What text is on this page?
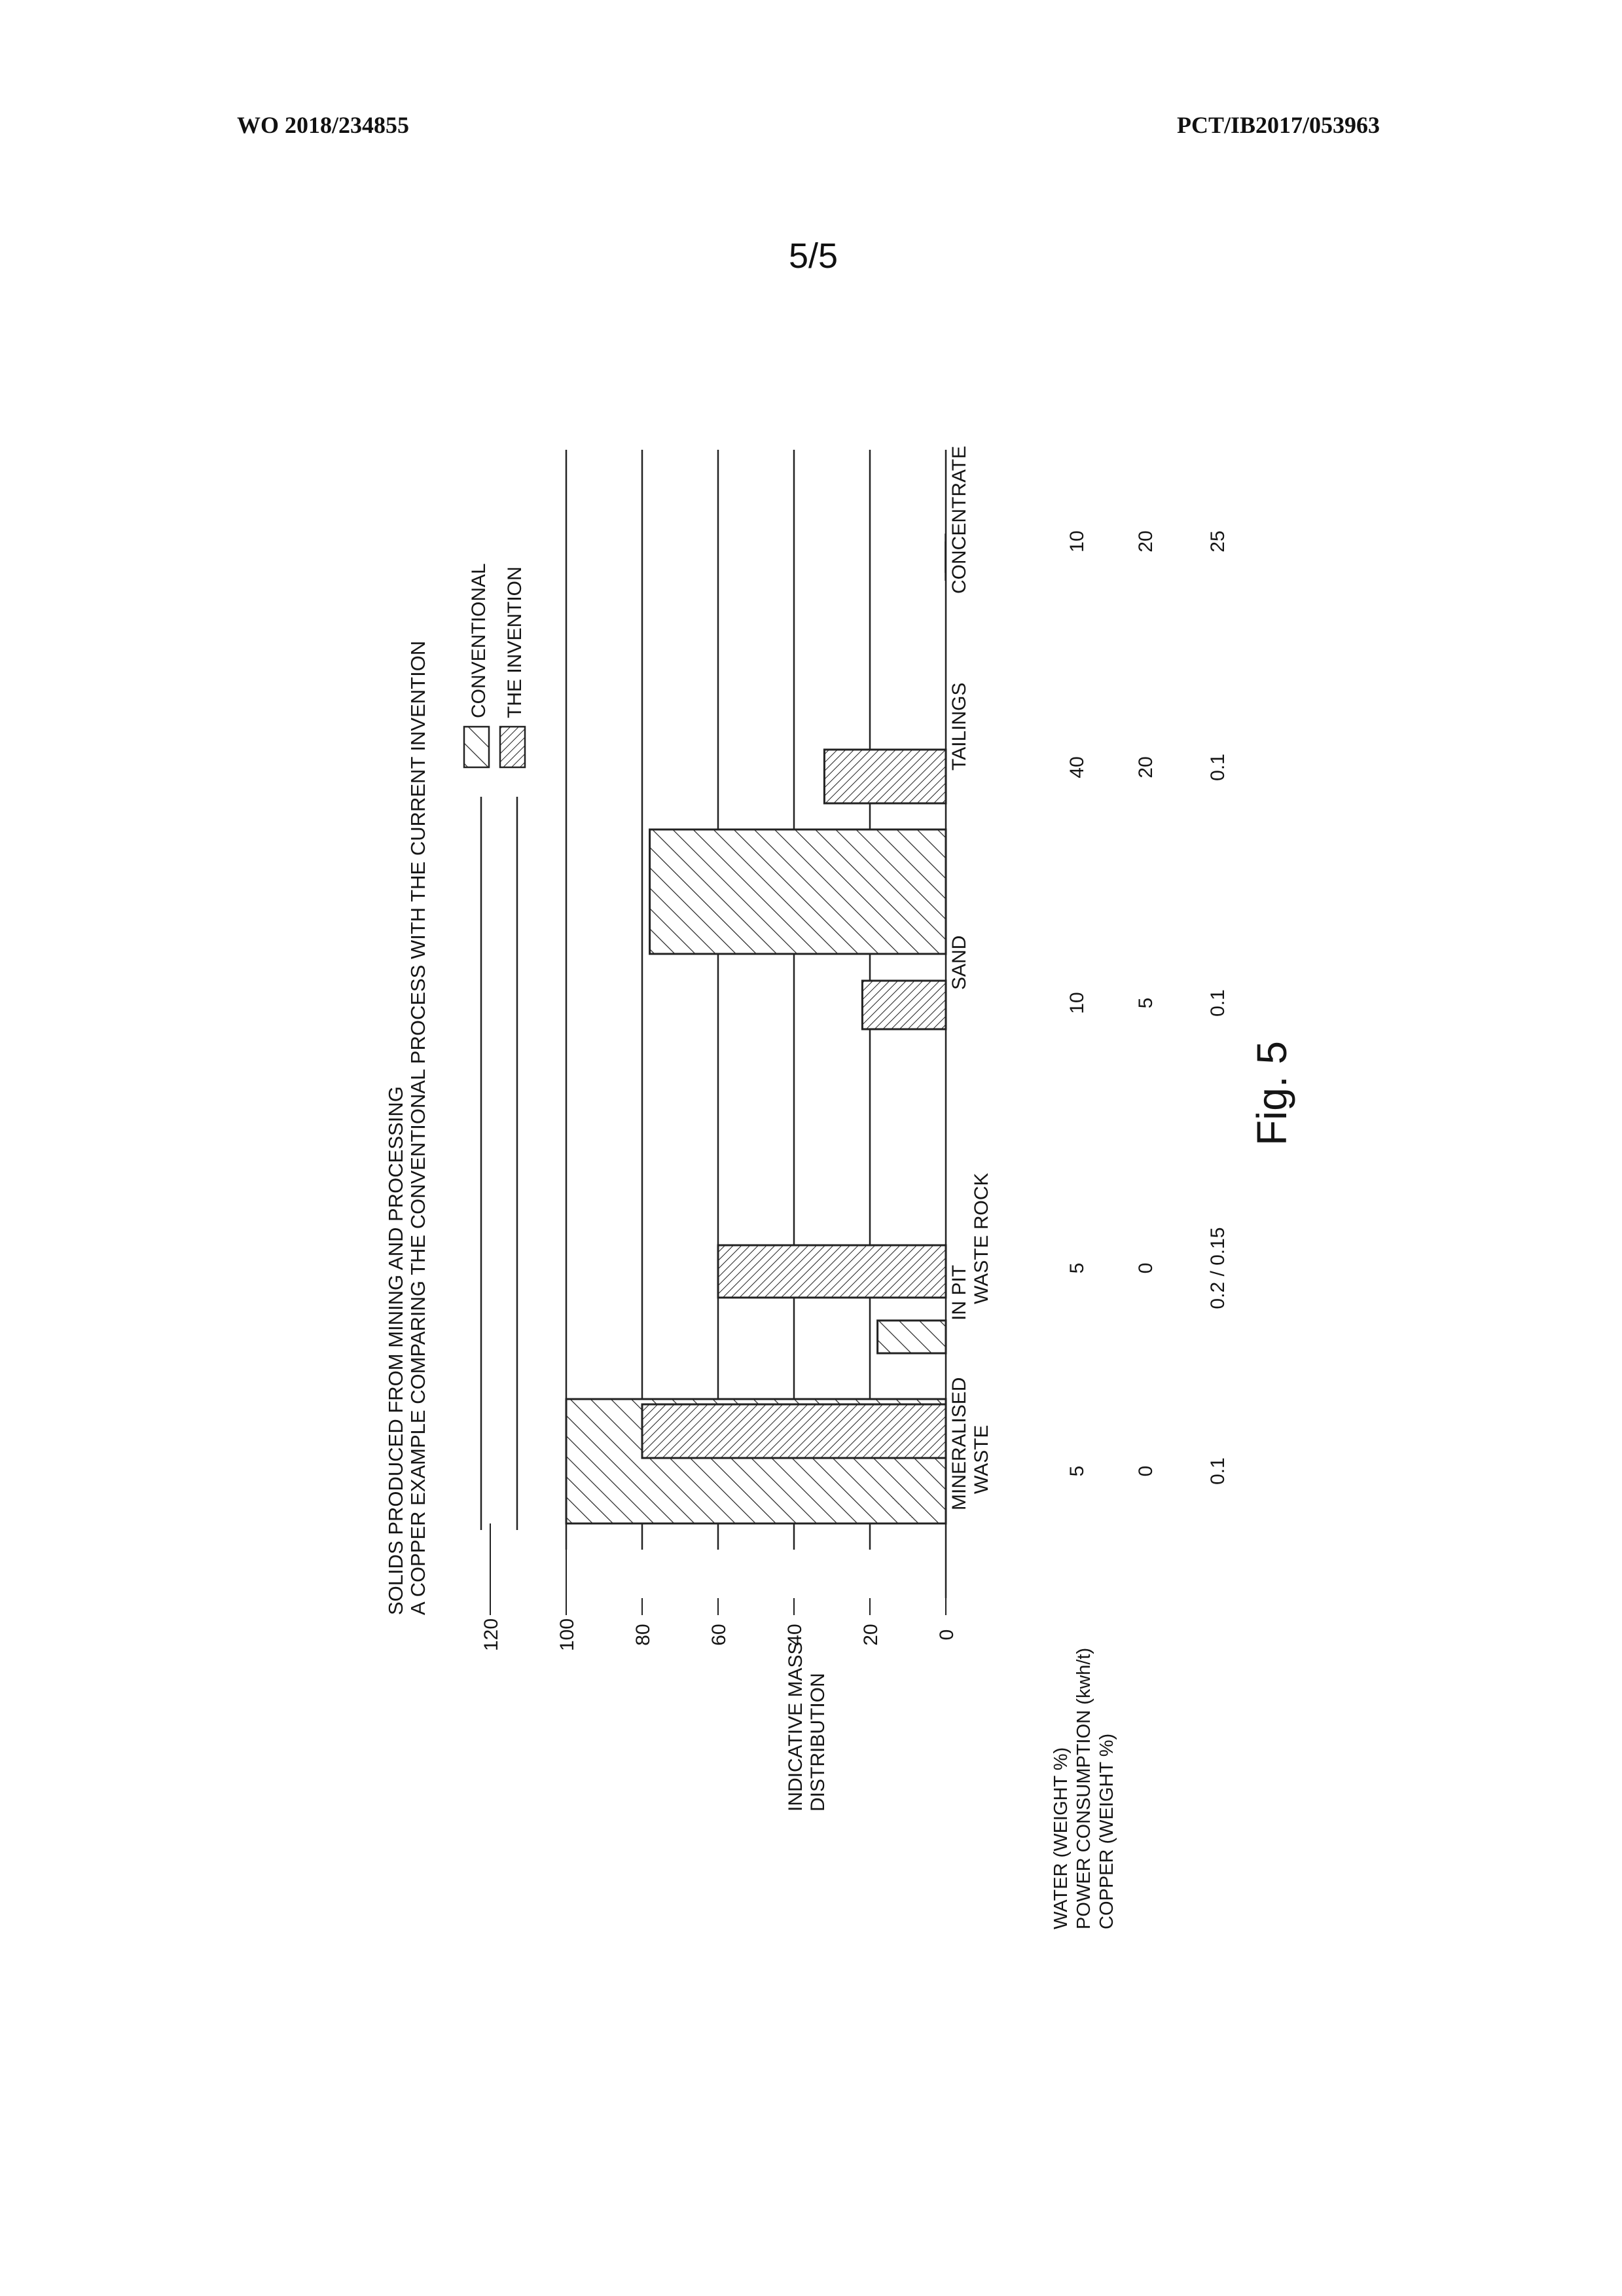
WO 2018/234855	PCT/IB2017/053963
5/5
SOLIDS PRODUCED FROM MINING AND PROCESSING A COPPER EXAMPLE COMPARING THE CONVENTIONAL PROCESS WITH THE CURRENT INVENTION
0
20
40
60
80
100
120
INDICATIVE MASS DISTRIBUTION
MINERALISED WASTE
IN PIT WASTE ROCK
SAND
TAILINGS
CONCENTRATE
CONVENTIONAL THE INVENTION
WATER (WEIGHT %)
5
5
10
40
10
POWER CONSUMPTION (kwh/t)
0
0
5
20
20
COPPER (WEIGHT %)
0.1
0.2 / 0.15
0.1
0.1
25
Fig. 5
